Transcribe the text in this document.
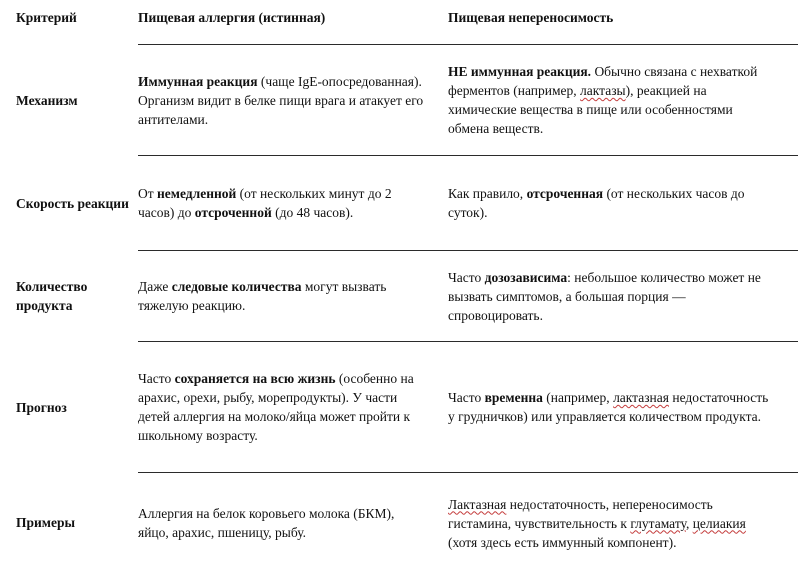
Критерий	Пищевая аллергия (истинная)	Пищевая непереносимость
Механизм	Иммунная реакция (чаще IgE-опосредованная). Организм видит в белке пищи врага и атакует его антителами.	НЕ иммунная реакция. Обычно связана с нехваткой ферментов (например, лактазы), реакцией на химические вещества в пище или особенностями обмена веществ.

Скорость реакции	От немедленной (от нескольких минут до 2 часов) до отсроченной (до 48 часов).	Как правило, отсроченная (от нескольких часов до суток).

Количество продукта	Даже следовые количества могут вызвать тяжелую реакцию.	Часто дозозависима: небольшое количество может не вызвать симптомов, а большая порция — спровоцировать.

Прогноз	Часто сохраняется на всю жизнь (особенно на арахис, орехи, рыбу, морепродукты). У части детей аллергия на молоко/яйца может пройти к школьному возрасту.	Часто временна (например, лактазная недостаточность у грудничков) или управляется количеством продукта.

Примеры	Аллергия на белок коровьего молока (БКМ), яйцо, арахис, пшеницу, рыбу.	Лактазная недостаточность, непереносимость гистамина, чувствительность к глутамату, целиакия (хотя здесь есть иммунный компонент).
